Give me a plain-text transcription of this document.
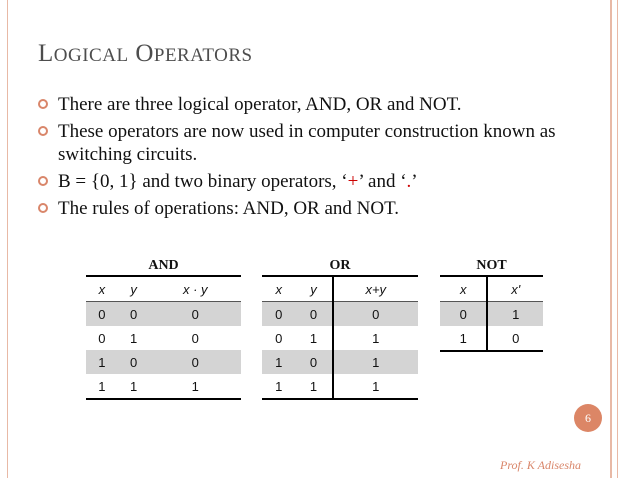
LOGICAL OPERATORS
There are three logical operator, AND, OR and NOT.
These operators are now used in computer construction known as switching circuits.
B = {0, 1} and two binary operators, ‘+’ and ‘.’
The rules of operations: AND, OR and NOT.
AND
x	y	x · y
0	0	0
0	1	0
1	0	0
1	1	1
OR
x	y	x+y
0	0	0
0	1	1
1	0	1
1	1	1
NOT
x	x'
0	1
1	0
6
Prof. K Adisesha
